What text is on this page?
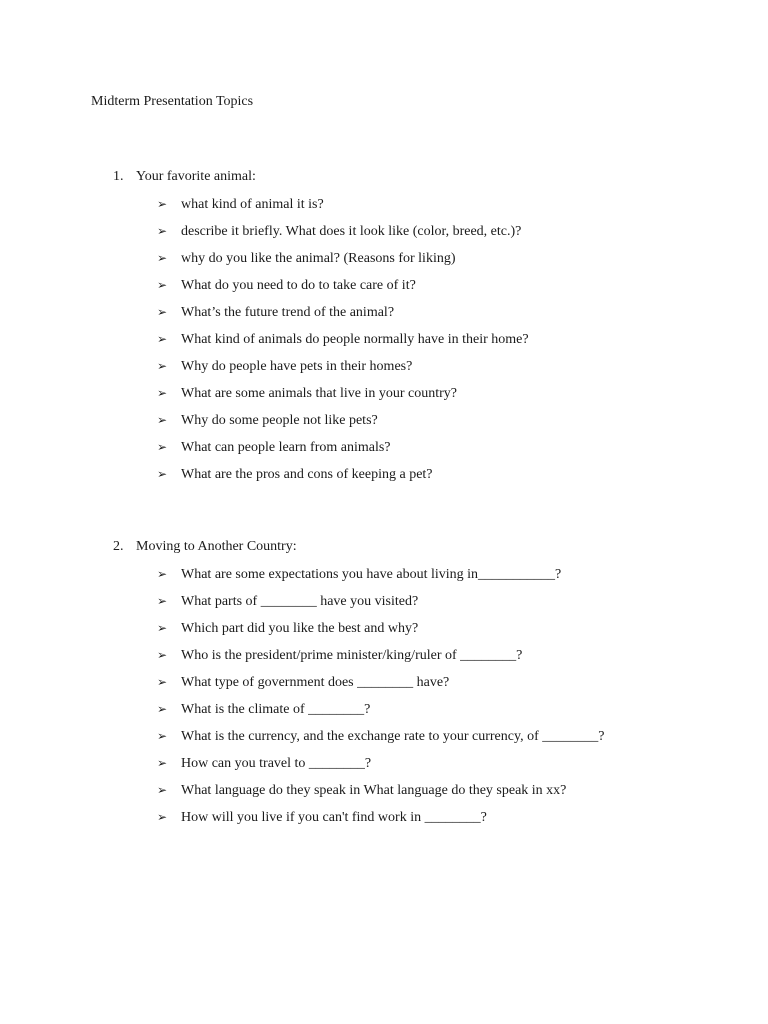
Midterm Presentation Topics
1. Your favorite animal:
➢ what kind of animal it is?
➢ describe it briefly. What does it look like (color, breed, etc.)?
➢ why do you like the animal? (Reasons for liking)
➢ What do you need to do to take care of it?
➢ What’s the future trend of the animal?
➢ What kind of animals do people normally have in their home?
➢ Why do people have pets in their homes?
➢ What are some animals that live in your country?
➢ Why do some people not like pets?
➢ What can people learn from animals?
➢ What are the pros and cons of keeping a pet?
2. Moving to Another Country:
➢ What are some expectations you have about living in___________?
➢ What parts of ________ have you visited?
➢ Which part did you like the best and why?
➢ Who is the president/prime minister/king/ruler of ________?
➢ What type of government does ________ have?
➢ What is the climate of ________?
➢ What is the currency, and the exchange rate to your currency, of ________?
➢ How can you travel to ________?
➢ What language do they speak in What language do they speak in xx?
➢ How will you live if you can't find work in ________?
